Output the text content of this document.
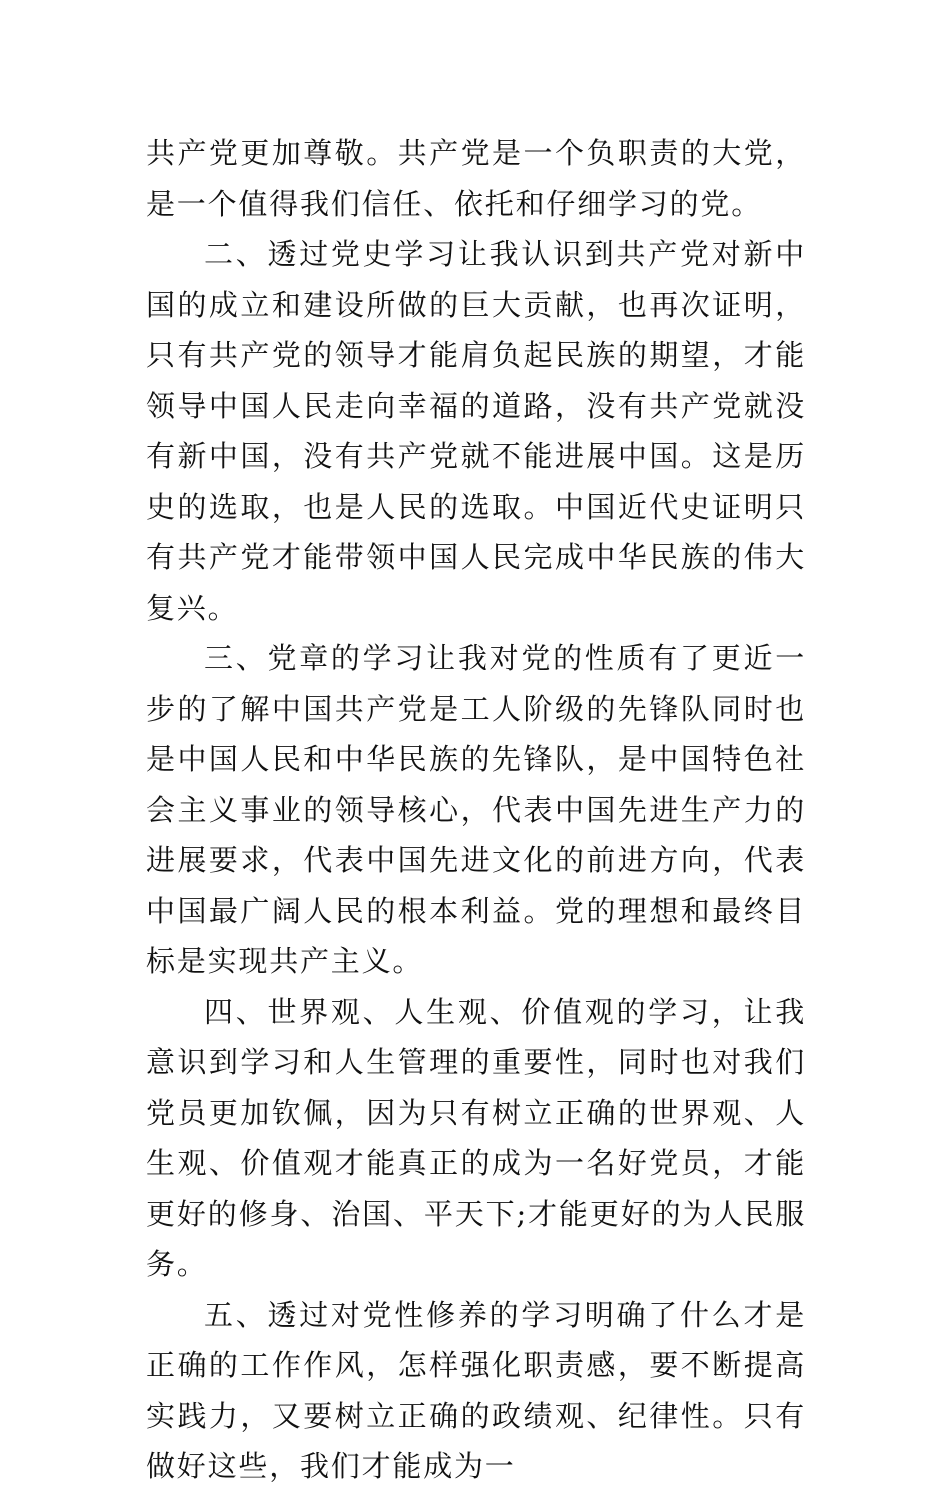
共产党更加尊敬。共产党是一个负职责的大党，是一个值得我们信任、依托和仔细学习的党。

二、透过党史学习让我认识到共产党对新中国的成立和建设所做的巨大贡献，也再次证明，只有共产党的领导才能肩负起民族的期望，才能领导中国人民走向幸福的道路，没有共产党就没有新中国，没有共产党就不能进展中国。这是历史的选取，也是人民的选取。中国近代史证明只有共产党才能带领中国人民完成中华民族的伟大复兴。

三、党章的学习让我对党的性质有了更近一步的了解中国共产党是工人阶级的先锋队同时也是中国人民和中华民族的先锋队，是中国特色社会主义事业的领导核心，代表中国先进生产力的进展要求，代表中国先进文化的前进方向，代表中国最广阔人民的根本利益。党的理想和最终目标是实现共产主义。

四、世界观、人生观、价值观的学习，让我意识到学习和人生管理的重要性，同时也对我们党员更加钦佩，因为只有树立正确的世界观、人生观、价值观才能真正的成为一名好党员，才能更好的修身、治国、平天下;才能更好的为人民服务。

五、透过对党性修养的学习明确了什么才是正确的工作作风，怎样强化职责感，要不断提高实践力，又要树立正确的政绩观、纪律性。只有做好这些，我们才能成为一
